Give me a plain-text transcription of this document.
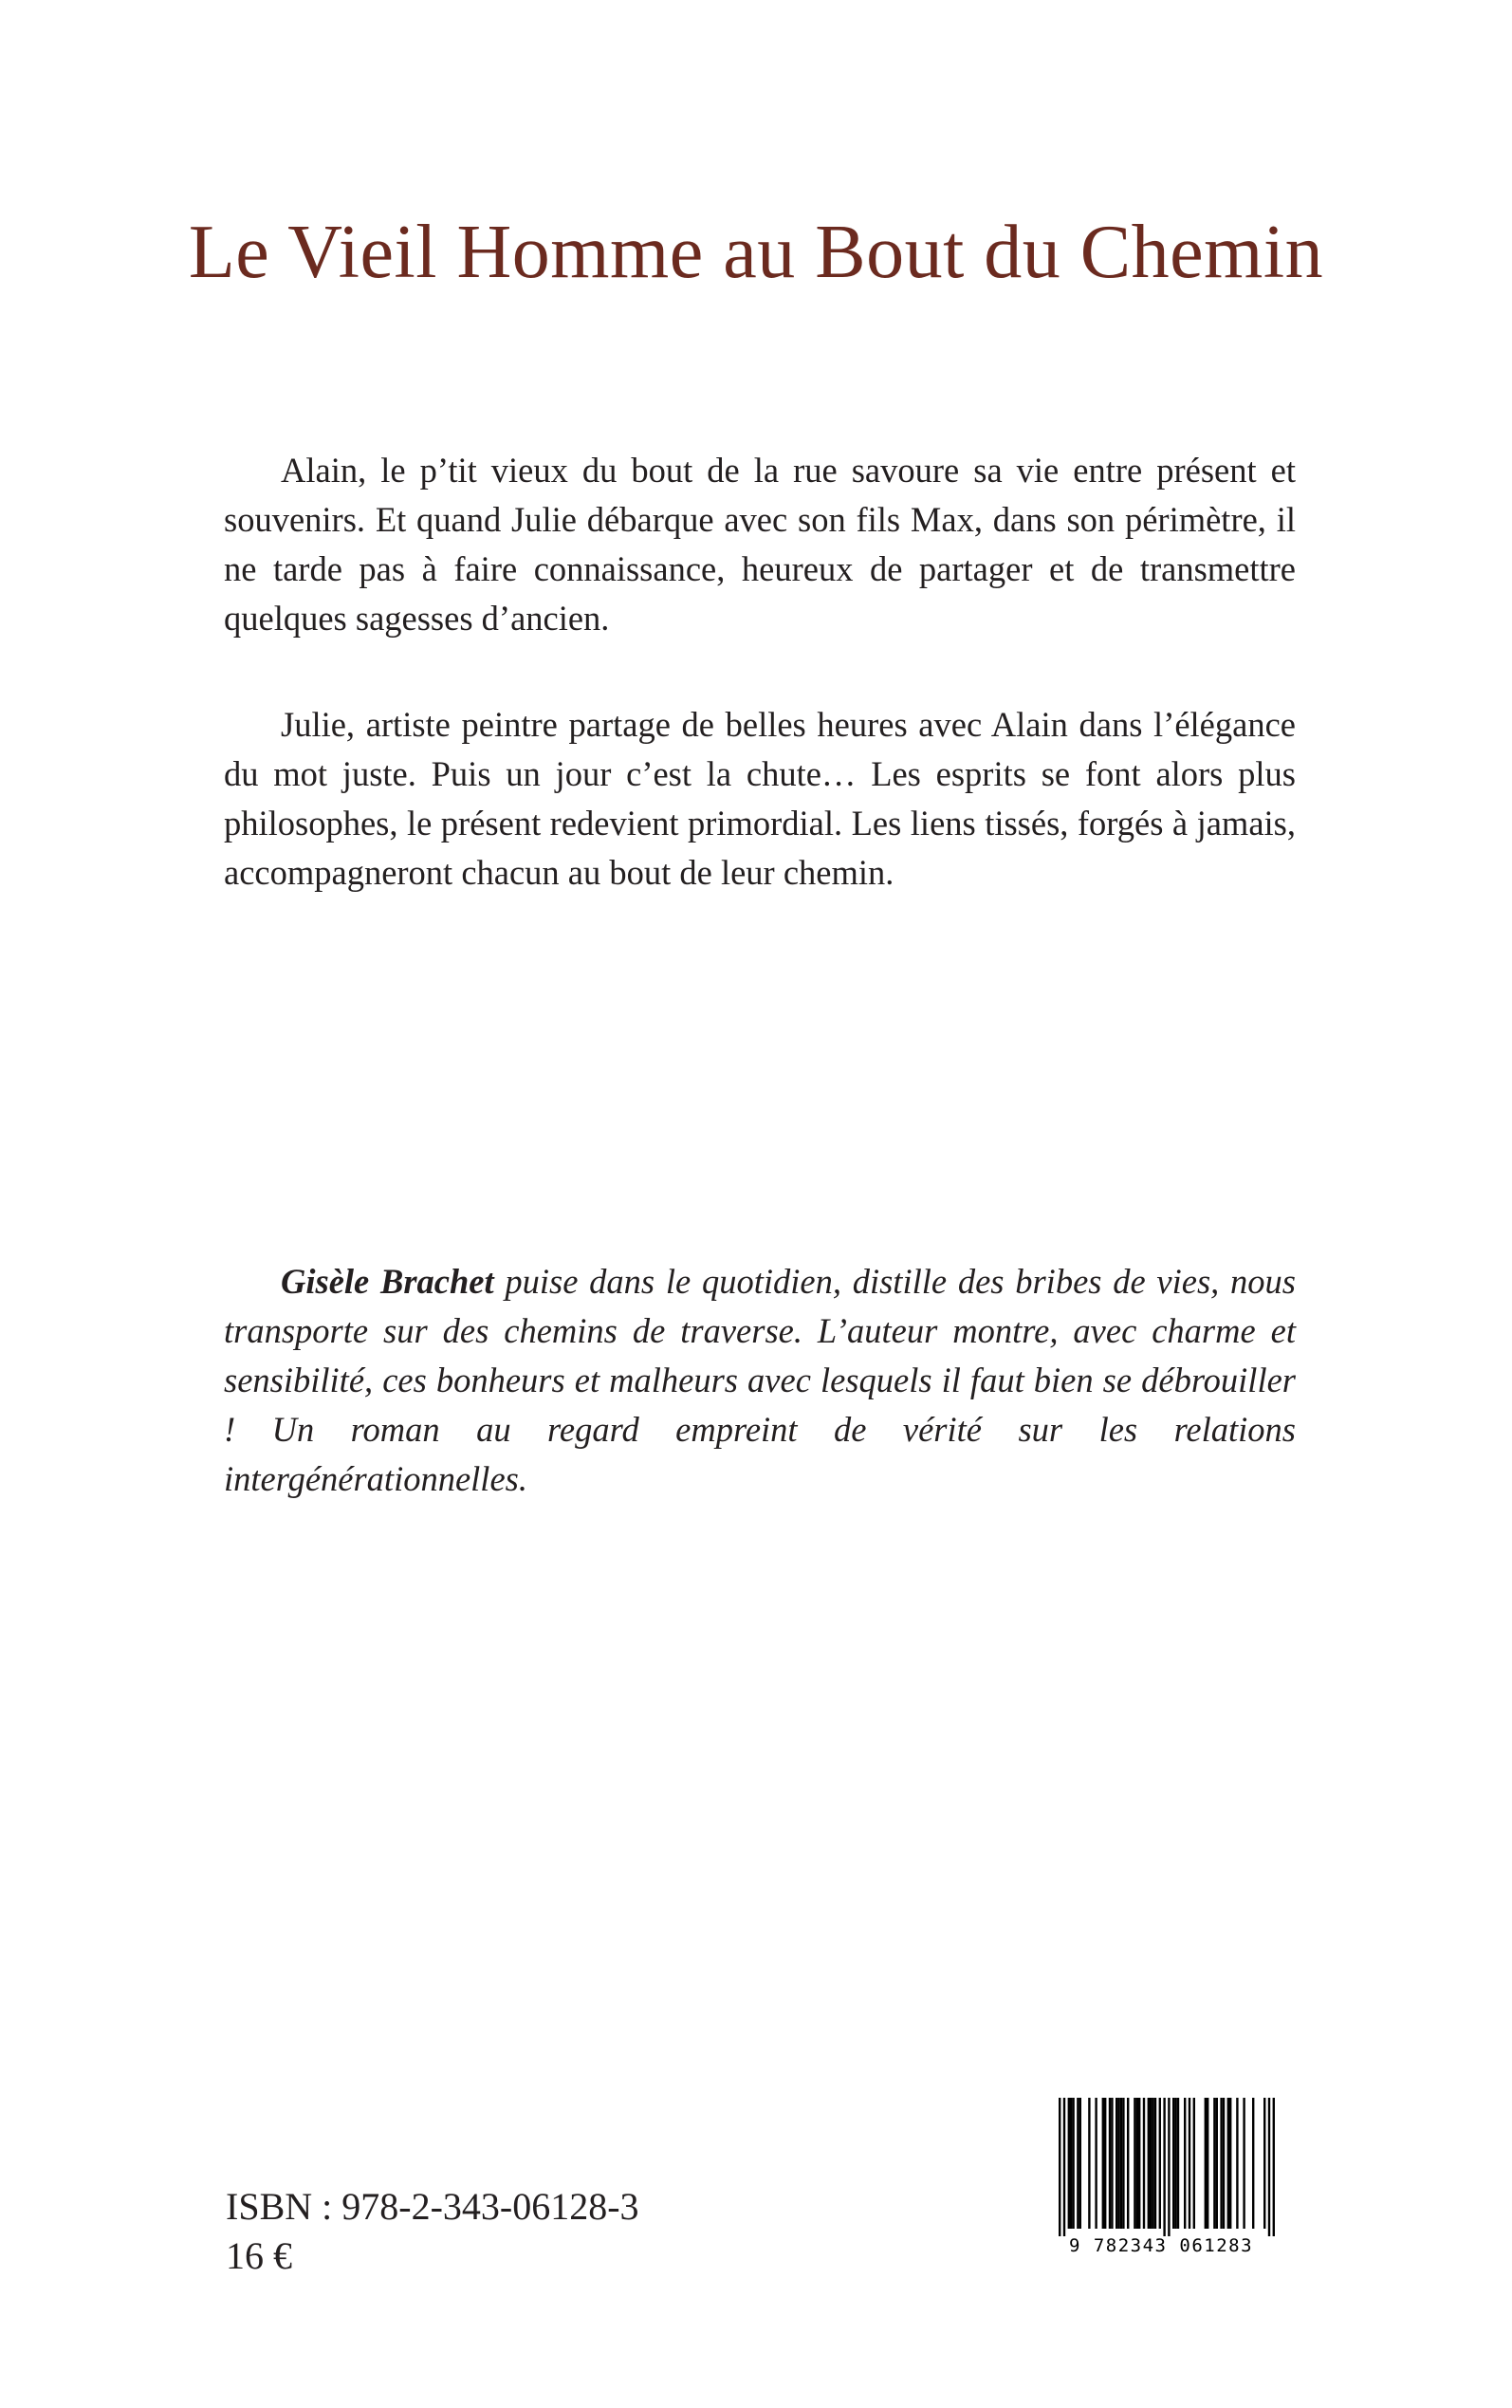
Le Vieil Homme au Bout du Chemin

Alain, le p’tit vieux du bout de la rue savoure sa vie entre présent et souvenirs. Et quand Julie débarque avec son fils Max, dans son périmètre, il ne tarde pas à faire connaissance, heureux de partager et de transmettre quelques sagesses d’ancien.

Julie, artiste peintre partage de belles heures avec Alain dans l’élégance du mot juste. Puis un jour c’est la chute… Les esprits se font alors plus philosophes, le présent redevient primordial. Les liens tissés, forgés à jamais, accompagneront chacun au bout de leur chemin.

Gisèle Brachet puise dans le quotidien, distille des bribes de vies, nous transporte sur des chemins de traverse. L’auteur montre, avec charme et sensibilité, ces bonheurs et malheurs avec lesquels il faut bien se débrouiller ! Un roman au regard empreint de vérité sur les relations intergénérationnelles.

ISBN : 978-2-343-06128-3
16 €	9 782343 061283
